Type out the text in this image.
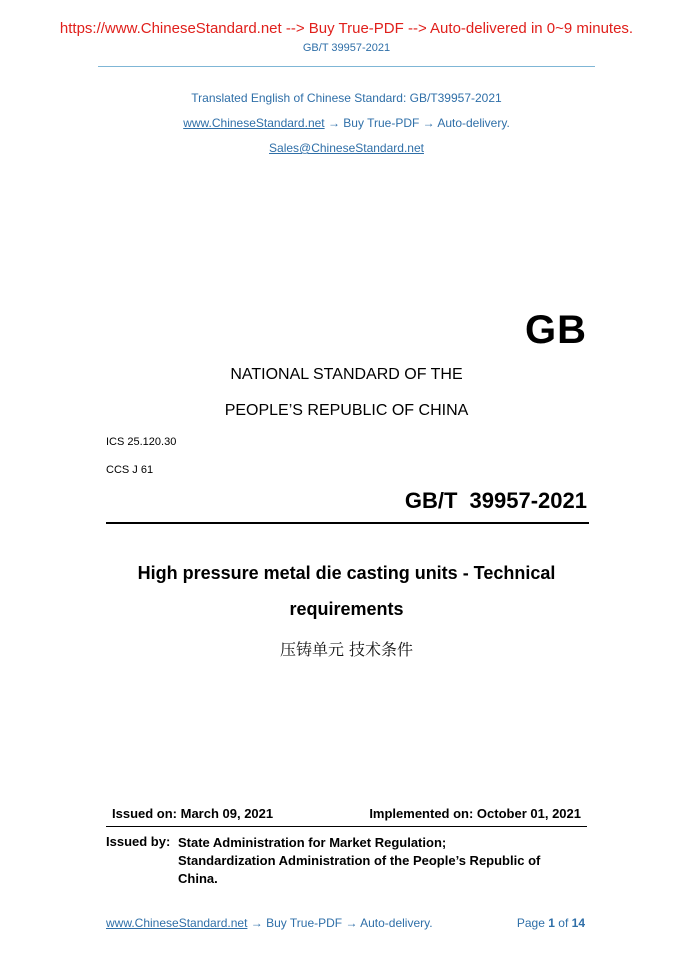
https://www.ChineseStandard.net --> Buy True-PDF --> Auto-delivered in 0~9 minutes.
GB/T 39957-2021
Translated English of Chinese Standard: GB/T39957-2021
www.ChineseStandard.net → Buy True-PDF → Auto-delivery.
Sales@ChineseStandard.net
GB
NATIONAL STANDARD OF THE
PEOPLE’S REPUBLIC OF CHINA
ICS 25.120.30
CCS J 61
GB/T 39957-2021
High pressure metal die casting units - Technical
requirements
压铸单元 技术条件
Issued on: March 09, 2021	Implemented on: October 01, 2021
Issued by: State Administration for Market Regulation;
Standardization Administration of the People’s Republic of
China.
www.ChineseStandard.net → Buy True-PDF → Auto-delivery.	Page 1 of 14
